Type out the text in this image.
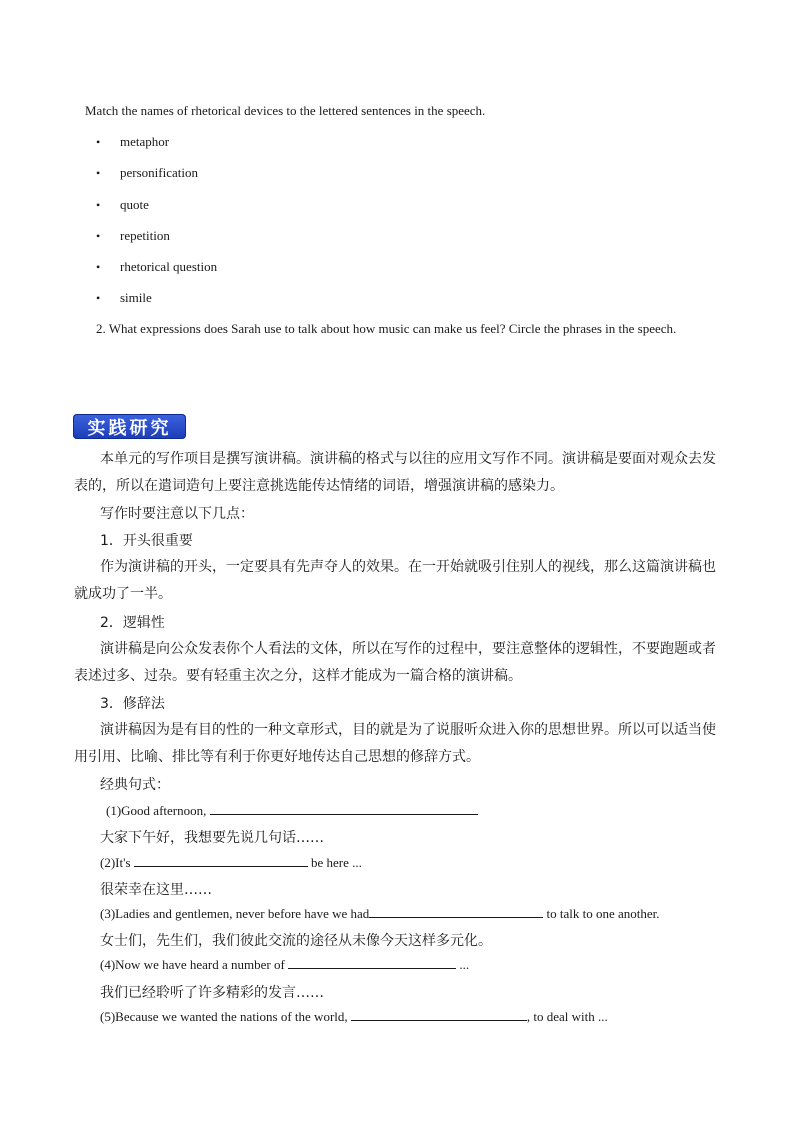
Match the names of rhetorical devices to the lettered sentences in the speech.
• metaphor
• personification
• quote
• repetition
• rhetorical question
• simile
2. What expressions does Sarah use to talk about how music can make us feel? Circle the phrases in the speech.
实践研究
本单元的写作项目是撰写演讲稿。演讲稿的格式与以往的应用文写作不同。演讲稿是要面对观众去发
表的，所以在遣词造句上要注意挑选能传达情绪的词语，增强演讲稿的感染力。
写作时要注意以下几点：
1．开头很重要
作为演讲稿的开头，一定要具有先声夺人的效果。在一开始就吸引住别人的视线，那么这篇演讲稿也
就成功了一半。
2．逻辑性
演讲稿是向公众发表你个人看法的文体，所以在写作的过程中，要注意整体的逻辑性，不要跑题或者
表述过多、过杂。要有轻重主次之分，这样才能成为一篇合格的演讲稿。
3．修辞法
演讲稿因为是有目的性的一种文章形式，目的就是为了说服听众进入你的思想世界。所以可以适当使
用引用、比喻、排比等有利于你更好地传达自己思想的修辞方式。
经典句式：
(1)Good afternoon,
大家下午好，我想要先说几句话……
(2)It's	be here ...
很荣幸在这里……
(3)Ladies and gentlemen, never before have we had	to talk to one another.
女士们，先生们，我们彼此交流的途径从未像今天这样多元化。
(4)Now we have heard a number of	...
我们已经聆听了许多精彩的发言……
(5)Because we wanted the nations of the world,	, to deal with ...
